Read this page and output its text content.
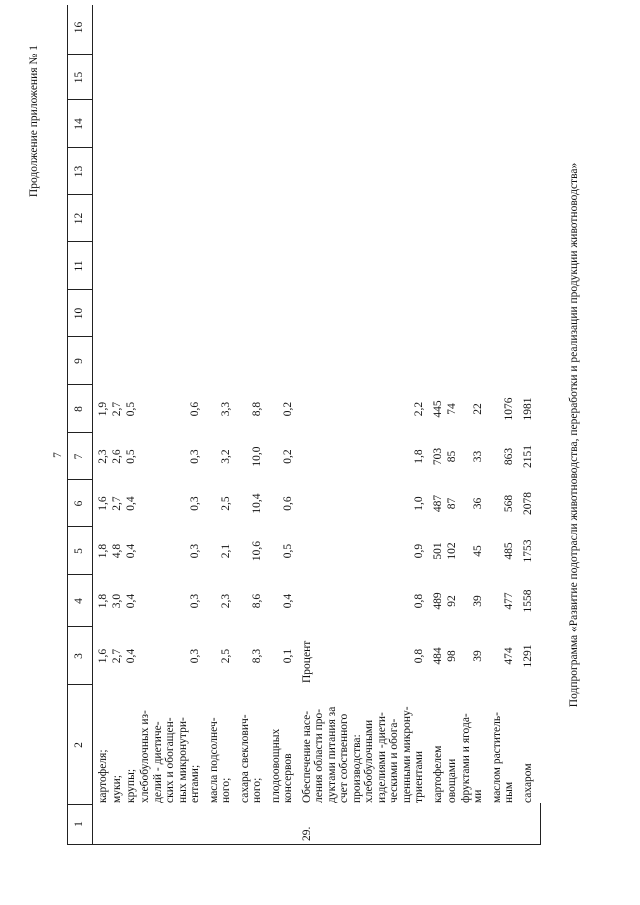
7
Продолжение приложения № 1
1
2
3
4
5
6
7
8
9
10
11
12
13
14
15
16
картофеля;
1,6
1,8
1,8
1,6
2,3
1,9
муки;
2,7
3,0
4,8
2,7
2,6
2,7
крупы;
0,4
0,4
0,4
0,4
0,5
0,5
хлебобулочных из- делий - диетиче- ских и обогащен- ных микронутри- ентами;
0,3
0,3
0,3
0,3
0,3
0,6
масла подсолнеч- ного;
2,5
2,3
2,1
2,5
3,2
3,3
сахара свеклович- ного;
8,3
8,6
10,6
10,4
10,0
8,8
плодоовощных консервов
0,1
0,4
0,5
0,6
0,2
0,2
29.
Обеспечение насе- ления области про- дуктами питания за счет собственного производства: хлебобулочными изделиями -диети- ческими и обога- щенными микрону- триентами
Процент	0,8
0,8
0,9
1,0
1,8
2,2
картофелем
484
489
501
487
703
445
овощами
98
92
102
87
85
74
фруктами и ягода- ми
39
39
45
36
33
22
маслом раститель- ным
474
477
485
568
863
1076
сахаром
1291
1558
1753
2078
2151
1981	Подпрограмма «Развитие подотрасли животноводства, переработки и реализации продукции животноводства»
